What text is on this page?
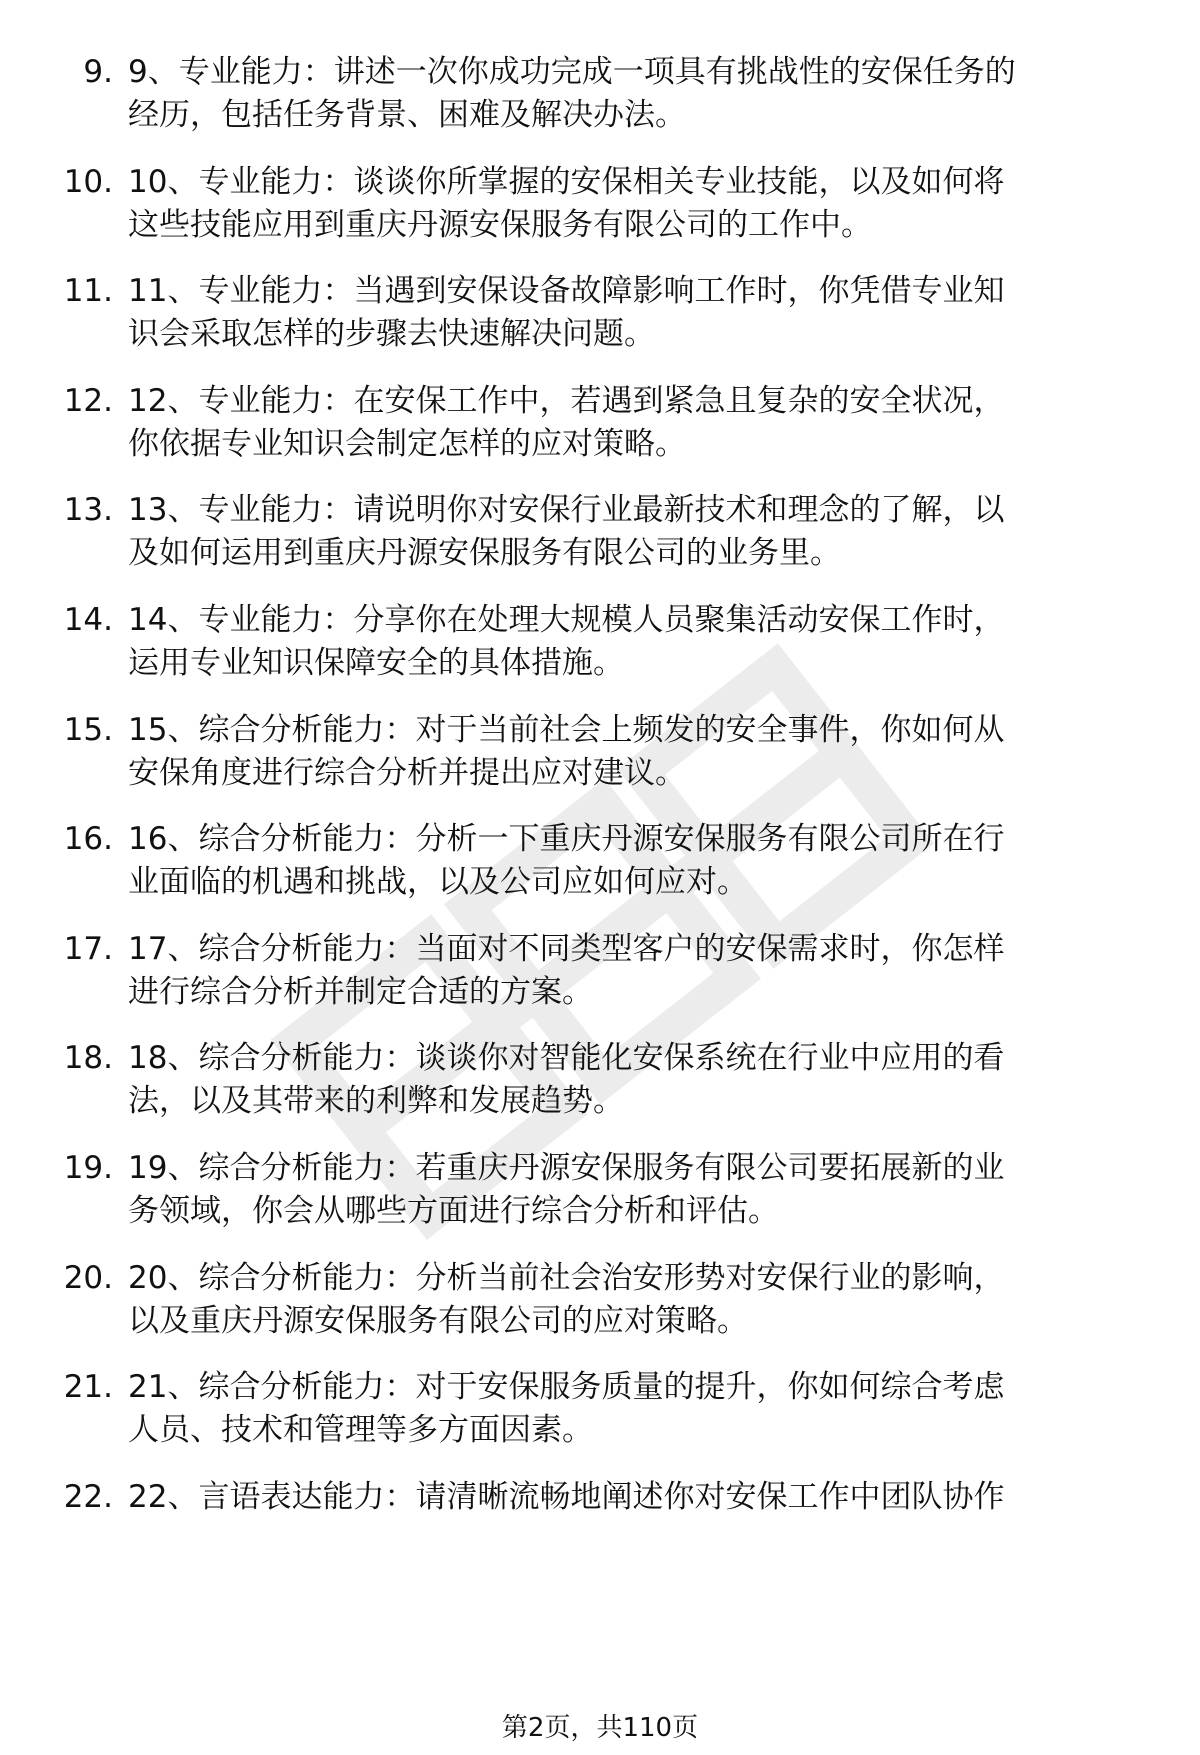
9. 9、专业能力：讲述一次你成功完成一项具有挑战性的安保任务的
经历，包括任务背景、困难及解决办法。
10. 10、专业能力：谈谈你所掌握的安保相关专业技能，以及如何将
这些技能应用到重庆丹源安保服务有限公司的工作中。
11. 11、专业能力：当遇到安保设备故障影响工作时，你凭借专业知
识会采取怎样的步骤去快速解决问题。
12. 12、专业能力：在安保工作中，若遇到紧急且复杂的安全状况，
你依据专业知识会制定怎样的应对策略。
13. 13、专业能力：请说明你对安保行业最新技术和理念的了解，以
及如何运用到重庆丹源安保服务有限公司的业务里。
14. 14、专业能力：分享你在处理大规模人员聚集活动安保工作时，
运用专业知识保障安全的具体措施。
15. 15、综合分析能力：对于当前社会上频发的安全事件，你如何从
安保角度进行综合分析并提出应对建议。
16. 16、综合分析能力：分析一下重庆丹源安保服务有限公司所在行
业面临的机遇和挑战，以及公司应如何应对。
17. 17、综合分析能力：当面对不同类型客户的安保需求时，你怎样
进行综合分析并制定合适的方案。
18. 18、综合分析能力：谈谈你对智能化安保系统在行业中应用的看
法，以及其带来的利弊和发展趋势。
19. 19、综合分析能力：若重庆丹源安保服务有限公司要拓展新的业
务领域，你会从哪些方面进行综合分析和评估。
20. 20、综合分析能力：分析当前社会治安形势对安保行业的影响，
以及重庆丹源安保服务有限公司的应对策略。
21. 21、综合分析能力：对于安保服务质量的提升，你如何综合考虑
人员、技术和管理等多方面因素。
22. 22、言语表达能力：请清晰流畅地阐述你对安保工作中团队协作
第2页，共110页
